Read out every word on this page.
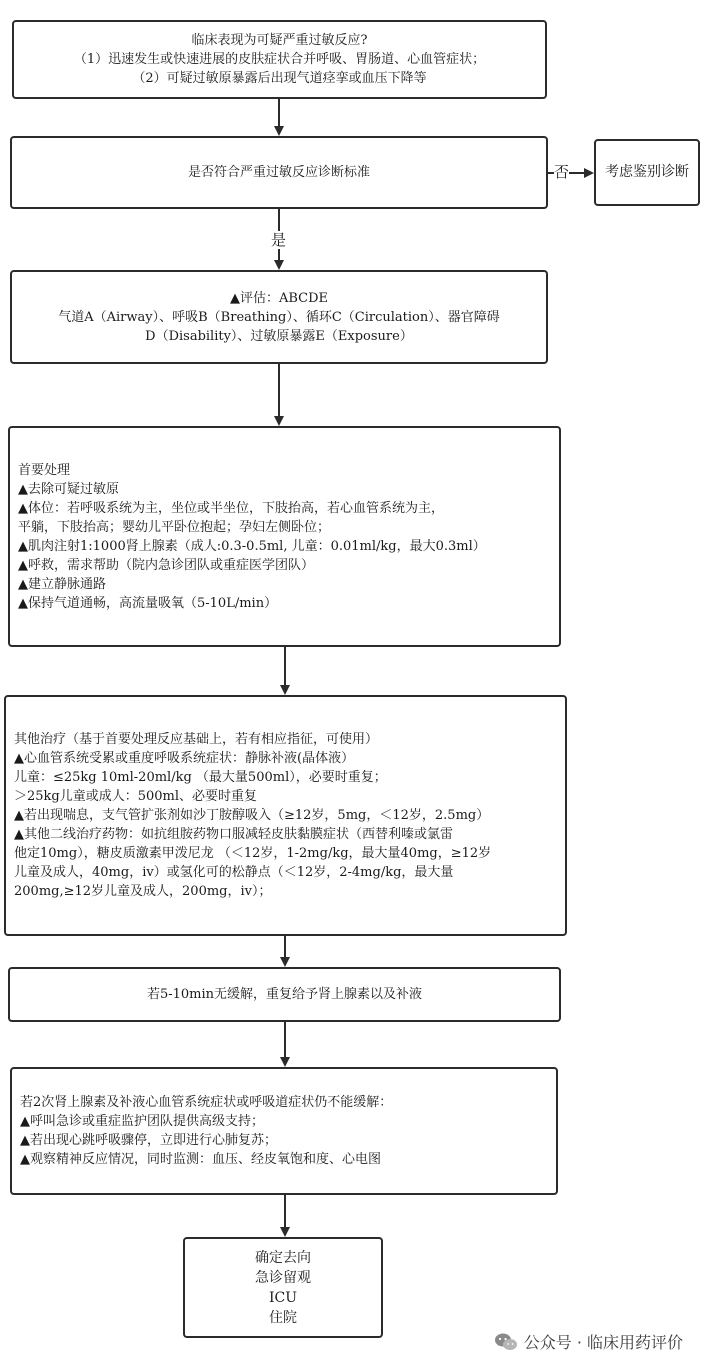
否
是
临床表现为可疑严重过敏反应?
（1）迅速发生或快速进展的皮肤症状合并呼吸、胃肠道、心血管症状；
（2）可疑过敏原暴露后出现气道痉挛或血压下降等
是否符合严重过敏反应诊断标准	考虑鉴别诊断
▲评估：ABCDE
气道A（Airway）、呼吸B（Breathing）、循环C（Circulation）、器官障碍
D（Disability）、过敏原暴露E（Exposure）
首要处理
▲去除可疑过敏原
▲体位：若呼吸系统为主，坐位或半坐位，下肢抬高，若心血管系统为主，
平躺，下肢抬高；婴幼儿平卧位抱起；孕妇左侧卧位；
▲肌肉注射1:1000肾上腺素（成人:0.3-0.5ml, 儿童：0.01ml/kg，最大0.3ml）
▲呼救，需求帮助（院内急诊团队或重症医学团队）
▲建立静脉通路
▲保持气道通畅，高流量吸氧（5-10L/min）
其他治疗（基于首要处理反应基础上，若有相应指征，可使用）
▲心血管系统受累或重度呼吸系统症状：静脉补液(晶体液）
儿童：≤25kg 10ml-20ml/kg （最大量500ml），必要时重复；
＞25kg儿童或成人：500ml、必要时重复
▲若出现喘息，支气管扩张剂如沙丁胺醇吸入（≥12岁，5mg，＜12岁，2.5mg）
▲其他二线治疗药物：如抗组胺药物口服减轻皮肤黏膜症状（西替利嗪或氯雷
他定10mg），糖皮质激素甲泼尼龙 （＜12岁，1-2mg/kg，最大量40mg，≥12岁
儿童及成人，40mg，iv）或氢化可的松静点（＜12岁，2-4mg/kg，最大量
200mg,≥12岁儿童及成人，200mg，iv）；
若5-10min无缓解，重复给予肾上腺素以及补液
若2次肾上腺素及补液心血管系统症状或呼吸道症状仍不能缓解：
▲呼叫急诊或重症监护团队提供高级支持；
▲若出现心跳呼吸骤停，立即进行心肺复苏；
▲观察精神反应情况，同时监测：血压、经皮氧饱和度、心电图
确定去向
急诊留观
ICU
住院
公众号 · 临床用药评价
